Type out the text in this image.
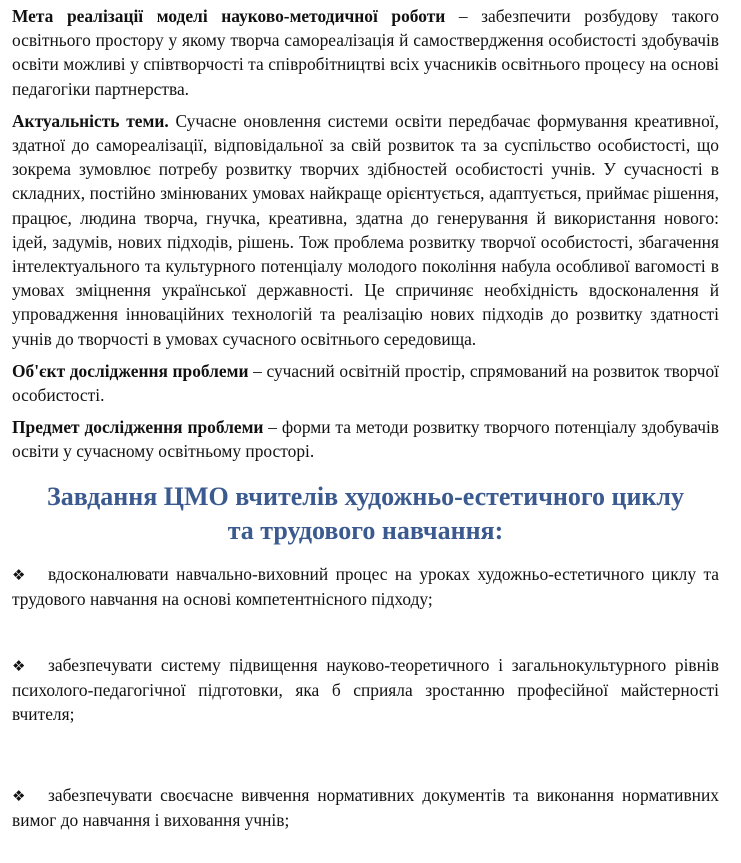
Мета реалізації моделі науково-методичної роботи – забезпечити розбудову такого освітнього простору у якому творча самореалізація й самоствердження особистості здобувачів освіти можливі у співтворчості та співробітництві всіх учасників освітнього процесу на основі педагогіки партнерства.

Актуальність теми. Сучасне оновлення системи освіти передбачає формування креативної, здатної до самореалізації, відповідальної за свій розвиток та за суспільство особистості, що зокрема зумовлює потребу розвитку творчих здібностей особистості учнів. У сучасності в складних, постійно змінюваних умовах найкраще орієнтується, адаптується, приймає рішення, працює, людина творча, гнучка, креативна, здатна до генерування й використання нового: ідей, задумів, нових підходів, рішень. Тож проблема розвитку творчої особистості, збагачення інтелектуального та культурного потенціалу молодого покоління набула особливої вагомості в умовах зміцнення української державності. Це спричиняє необхідність вдосконалення й упровадження інноваційних технологій та реалізацію нових підходів до розвитку здатності учнів до творчості в умовах сучасного освітнього середовища.

Об'єкт дослідження проблеми – сучасний освітній простір, спрямований на розвиток творчої особистості.

Предмет дослідження проблеми – форми та методи розвитку творчого потенціалу здобувачів освіти у сучасному освітньому просторі.

Завдання ЦМО вчителів художньо-естетичного циклу
та трудового навчання:

❖ вдосконалювати навчально-виховний процес на уроках художньо-естетичного циклу та трудового навчання на основі компетентнісного підходу;

❖ забезпечувати систему підвищення науково-теоретичного і загальнокультурного рівнів психолого-педагогічної підготовки, яка б сприяла зростанню професійної майстерності вчителя;

❖ забезпечувати своєчасне вивчення нормативних документів та виконання нормативних вимог до навчання і виховання учнів;
